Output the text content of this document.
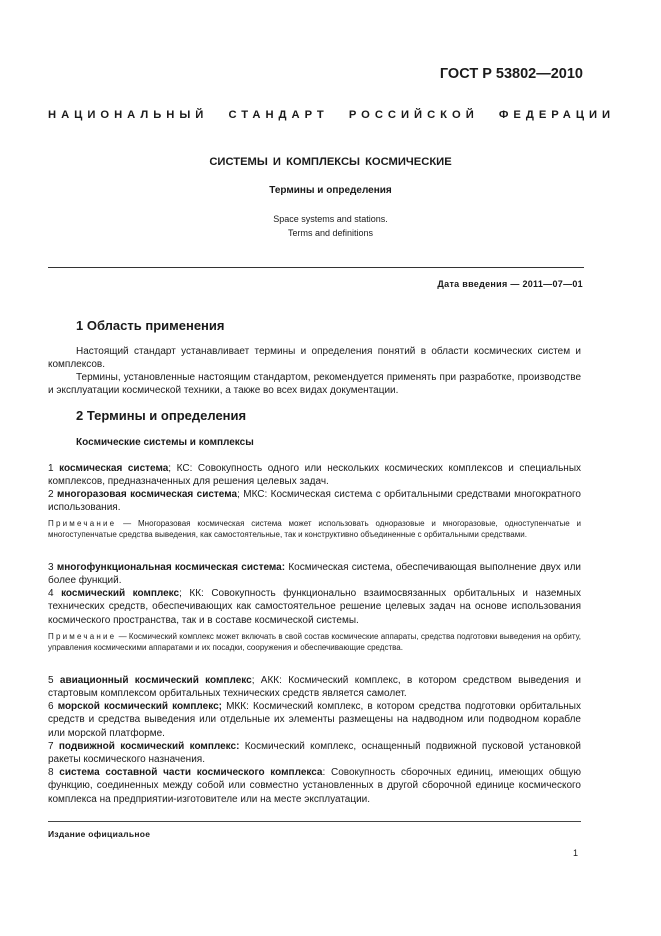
ГОСТ Р 53802—2010
НАЦИОНАЛЬНЫЙ СТАНДАРТ РОССИЙСКОЙ ФЕДЕРАЦИИ
СИСТЕМЫ И КОМПЛЕКСЫ КОСМИЧЕСКИЕ
Термины и определения
Space systems and stations.
Terms and definitions
Дата введения — 2011—07—01
1 Область применения
Настоящий стандарт устанавливает термины и определения понятий в области космических систем и комплексов.
Термины, установленные настоящим стандартом, рекомендуется применять при разработке, производстве и эксплуатации космической техники, а также во всех видах документации.
2 Термины и определения
Космические системы и комплексы
1 космическая система; КС: Совокупность одного или нескольких космических комплексов и специальных комплексов, предназначенных для решения целевых задач.
2 многоразовая космическая система; МКС: Космическая система с орбитальными средствами многократного использования.
Примечание — Многоразовая космическая система может использовать одноразовые и многоразовые, одноступенчатые и многоступенчатые средства выведения, как самостоятельные, так и конструктивно объединенные с орбитальными средствами.
3 многофункциональная космическая система: Космическая система, обеспечивающая выполнение двух или более функций.
4 космический комплекс; КК: Совокупность функционально взаимосвязанных орбитальных и наземных технических средств, обеспечивающих как самостоятельное решение целевых задач на основе использования космического пространства, так и в составе космической системы.
Примечание — Космический комплекс может включать в свой состав космические аппараты, средства подготовки выведения на орбиту, управления космическими аппаратами и их посадки, сооружения и обеспечивающие средства.
5 авиационный космический комплекс; АКК: Космический комплекс, в котором средством выведения и стартовым комплексом орбитальных технических средств является самолет.
6 морской космический комплекс; МКК: Космический комплекс, в котором средства подготовки орбитальных средств и средства выведения или отдельные их элементы размещены на надводном или подводном корабле или морской платформе.
7 подвижной космический комплекс: Космический комплекс, оснащенный подвижной пусковой установкой ракеты космического назначения.
8 система составной части космического комплекса: Совокупность сборочных единиц, имеющих общую функцию, соединенных между собой или совместно установленных в другой сборочной единице космического комплекса на предприятии-изготовителе или на месте эксплуатации.
Издание официальное
1
